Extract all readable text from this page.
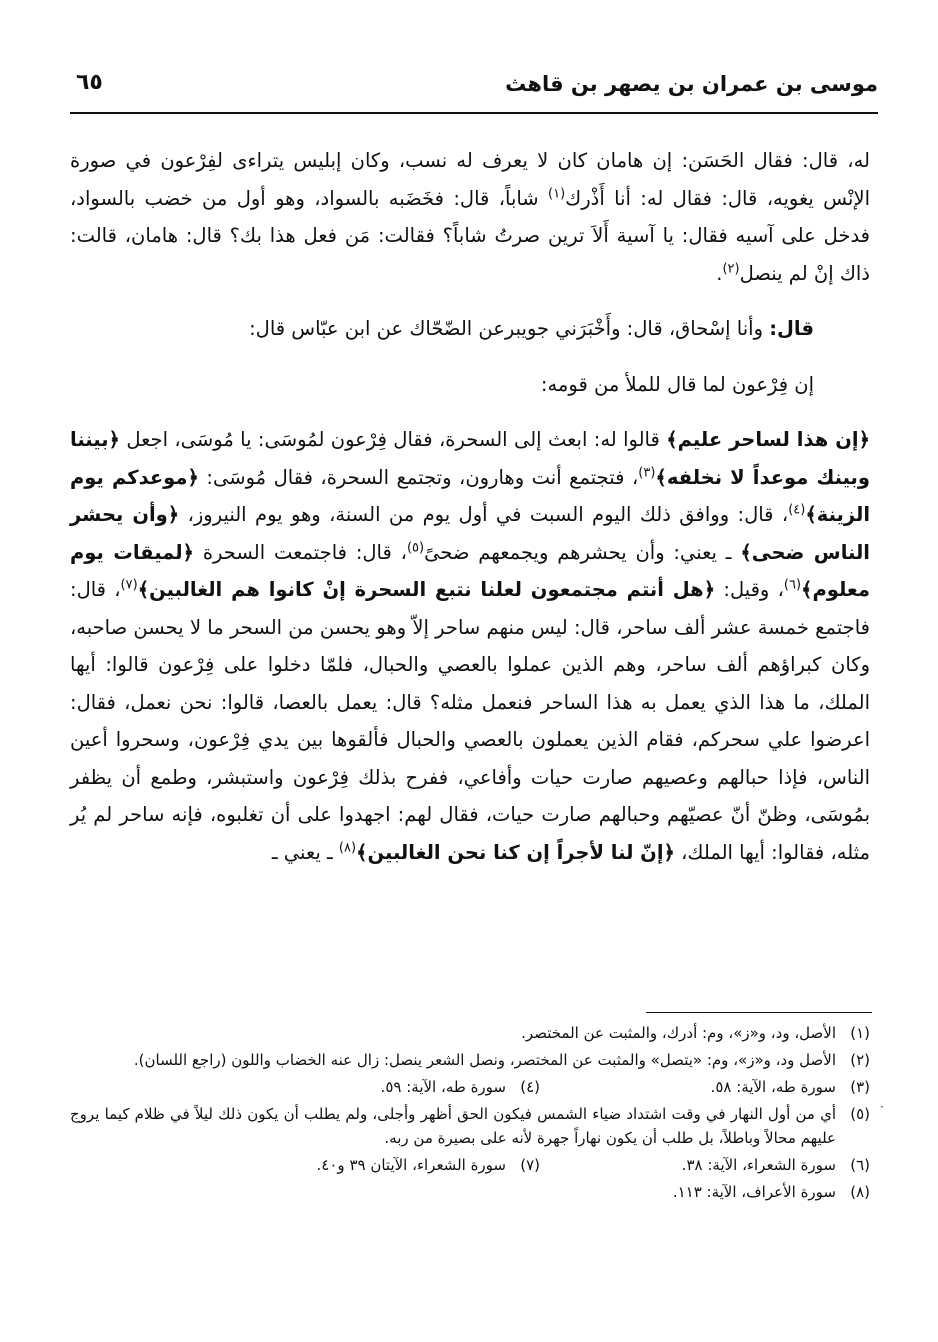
موسى بن عمران بن يصهر بن قاهث
٦٥

له، قال: فقال الحَسَن: إن هامان كان لا يعرف له نسب، وكان إبليس يتراءى لفِرْعون في صورة الإنْس يغويه، قال: فقال له: أنا أَذْرك$^{(١)}$ شاباً، قال: فخَضَبه بالسواد، وهو أول من خضب بالسواد، فدخل على آسيه فقال: يا آسية أَلاَ ترين صرتُ شاباً؟ فقالت: مَن فعل هذا بك؟ قال: هامان، قالت: ذاك إنْ لم ينصل$^{(٢)}$.

قال: وأنا إسْحاق، قال: وأَخْبَرَني جويبرعن الضّحّاك عن ابن عبّاس قال:

إن فِرْعون لما قال للملأ من قومه:

﴿إن هذا لساحر عليم﴾ قالوا له: ابعث إلى السحرة، فقال فِرْعون لمُوسَى: يا مُوسَى، اجعل ﴿بيننا وبينك موعداً لا نخلفه﴾$^{(٣)}$، فتجتمع أنت وهارون، وتجتمع السحرة، فقال مُوسَى: ﴿موعدكم يوم الزينة﴾$^{(٤)}$، قال: ووافق ذلك اليوم السبت في أول يوم من السنة، وهو يوم النيروز، ﴿وأن يحشر الناس ضحى﴾ ـ يعني: وأن يحشرهم ويجمعهم ضحىً$^{(٥)}$، قال: فاجتمعت السحرة ﴿لميقات يوم معلوم﴾$^{(٦)}$، وقيل: ﴿هل أنتم مجتمعون لعلنا نتبع السحرة إنْ كانوا هم الغالبين﴾$^{(٧)}$، قال: فاجتمع خمسة عشر ألف ساحر، قال: ليس منهم ساحر إلاّ وهو يحسن من السحر ما لا يحسن صاحبه، وكان كبراؤهم ألف ساحر، وهم الذين عملوا بالعصي والحبال، فلمّا دخلوا على فِرْعون قالوا: أيها الملك، ما هذا الذي يعمل به هذا الساحر فنعمل مثله؟ قال: يعمل بالعصا، قالوا: نحن نعمل، فقال: اعرضوا علي سحركم، فقام الذين يعملون بالعصي والحبال فألقوها بين يدي فِرْعون، وسحروا أعين الناس، فإذا حبالهم وعصيهم صارت حيات وأفاعي، ففرح بذلك فِرْعون واستبشر، وطمع أن يظفر بمُوسَى، وظنّ أنّ عصيّهم وحبالهم صارت حيات، فقال لهم: اجهدوا على أن تغلبوه، فإنه ساحر لم يُر مثله، فقالوا: أيها الملك، ﴿إنّ لنا لأجراً إن كنا نحن الغالبين﴾$^{(٨)}$ ـ يعني ـ

(١)
الأصل، ود، و«ز»، وم: أدرك، والمثبت عن المختصر.
(٢)
الأصل ود، و«ز»، وم: «يتصل» والمثبت عن المختصر، ونصل الشعر ينصل: زال عنه الخضاب واللون (راجع اللسان).
(٣)
سورة طه، الآية: ٥٨.
(٤)
سورة طه، الآية: ٥٩.
(٥)
أي من أول النهار في وقت اشتداد ضياء الشمس فيكون الحق أظهر وأجلى، ولم يطلب أن يكون ذلك ليلاً في ظلام كيما يروج عليهم محالاً وباطلاً، بل طلب أن يكون نهاراً جهرة لأنه على بصيرة من ربه.
(٦)
سورة الشعراء، الآية: ٣٨.
(٧)
سورة الشعراء، الآيتان ٣٩ و٤٠.
(٨)
سورة الأعراف، الآية: ١١٣.
·
